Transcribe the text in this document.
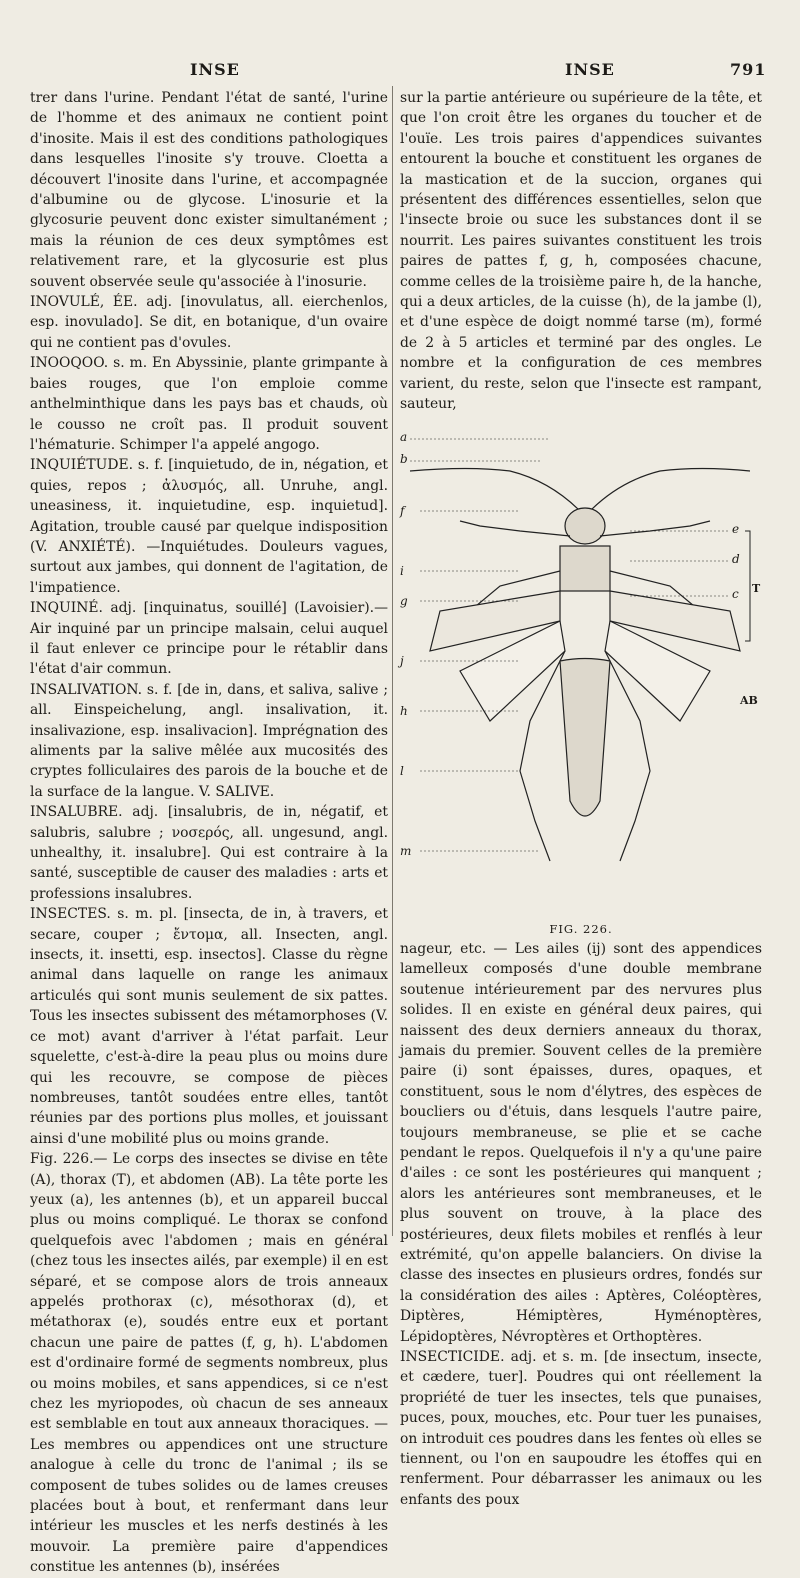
INSE	INSE	791

trer dans l'urine. Pendant l'état de santé, l'urine de l'homme et des animaux ne contient point d'inosite. Mais il est des conditions pathologiques dans lesquelles l'inosite s'y trouve. Cloetta a découvert l'inosite dans l'urine, et accompagnée d'albumine ou de glycose. L'inosurie et la glycosurie peuvent donc exister simultanément ; mais la réunion de ces deux symptômes est relativement rare, et la glycosurie est plus souvent observée seule qu'associée à l'inosurie.

INOVULÉ, ÉE. adj. [inovulatus, all. eierchenlos, esp. inovulado]. Se dit, en botanique, d'un ovaire qui ne contient pas d'ovules.

INOOQOO. s. m. En Abyssinie, plante grimpante à baies rouges, que l'on emploie comme anthelminthique dans les pays bas et chauds, où le cousso ne croît pas. Il produit souvent l'hématurie. Schimper l'a appelé angogo.

INQUIÉTUDE. s. f. [inquietudo, de in, négation, et quies, repos ; ἀλυσμός, all. Unruhe, angl. uneasiness, it. inquietudine, esp. inquietud]. Agitation, trouble causé par quelque indisposition (V. ANXIÉTÉ). —Inquiétudes. Douleurs vagues, surtout aux jambes, qui donnent de l'agitation, de l'impatience.

INQUINÉ. adj. [inquinatus, souillé] (Lavoisier).— Air inquiné par un principe malsain, celui auquel il faut enlever ce principe pour le rétablir dans l'état d'air commun.

INSALIVATION. s. f. [de in, dans, et saliva, salive ; all. Einspeichelung, angl. insalivation, it. insalivazione, esp. insalivacion]. Imprégnation des aliments par la salive mêlée aux mucosités des cryptes folliculaires des parois de la bouche et de la surface de la langue. V. SALIVE.

INSALUBRE. adj. [insalubris, de in, négatif, et salubris, salubre ; νοσερός, all. ungesund, angl. unhealthy, it. insalubre]. Qui est contraire à la santé, susceptible de causer des maladies : arts et professions insalubres.

INSECTES. s. m. pl. [insecta, de in, à travers, et secare, couper ; ἔντομα, all. Insecten, angl. insects, it. insetti, esp. insectos]. Classe du règne animal dans laquelle on range les animaux articulés qui sont munis seulement de six pattes. Tous les insectes subissent des métamorphoses (V. ce mot) avant d'arriver à l'état parfait. Leur squelette, c'est-à-dire la peau plus ou moins dure qui les recouvre, se compose de pièces nombreuses, tantôt soudées entre elles, tantôt réunies par des portions plus molles, et jouissant ainsi d'une mobilité plus ou moins grande.

Fig. 226.— Le corps des insectes se divise en tête (A), thorax (T), et abdomen (AB). La tête porte les yeux (a), les antennes (b), et un appareil buccal plus ou moins compliqué. Le thorax se confond quelquefois avec l'abdomen ; mais en général (chez tous les insectes ailés, par exemple) il en est séparé, et se compose alors de trois anneaux appelés prothorax (c), mésothorax (d), et métathorax (e), soudés entre eux et portant chacun une paire de pattes (f, g, h). L'abdomen est d'ordinaire formé de segments nombreux, plus ou moins mobiles, et sans appendices, si ce n'est chez les myriopodes, où chacun de ses anneaux est semblable en tout aux anneaux thoraciques. — Les membres ou appendices ont une structure analogue à celle du tronc de l'animal ; ils se composent de tubes solides ou de lames creuses placées bout à bout, et renfermant dans leur intérieur les muscles et les nerfs destinés à les mouvoir. La première paire d'appendices constitue les antennes (b), insérées

sur la partie antérieure ou supérieure de la tête, et que l'on croit être les organes du toucher et de l'ouïe. Les trois paires d'appendices suivantes entourent la bouche et constituent les organes de la mastication et de la succion, organes qui présentent des différences essentielles, selon que l'insecte broie ou suce les substances dont il se nourrit. Les paires suivantes constituent les trois paires de pattes f, g, h, composées chacune, comme celles de la troisième paire h, de la hanche, qui a deux articles, de la cuisse (h), de la jambe (l), et d'une espèce de doigt nommé tarse (m), formé de 2 à 5 articles et terminé par des ongles. Le nombre et la configuration de ces membres varient, du reste, selon que l'insecte est rampant, sauteur,

a
b
f
i
g
j
h
l
m
e
d
c T
AB
FIG. 226.

nageur, etc. — Les ailes (ij) sont des appendices lamelleux composés d'une double membrane soutenue intérieurement par des nervures plus solides. Il en existe en général deux paires, qui naissent des deux derniers anneaux du thorax, jamais du premier. Souvent celles de la première paire (i) sont épaisses, dures, opaques, et constituent, sous le nom d'élytres, des espèces de boucliers ou d'étuis, dans lesquels l'autre paire, toujours membraneuse, se plie et se cache pendant le repos. Quelquefois il n'y a qu'une paire d'ailes : ce sont les postérieures qui manquent ; alors les antérieures sont membraneuses, et le plus souvent on trouve, à la place des postérieures, deux filets mobiles et renflés à leur extrémité, qu'on appelle balanciers. On divise la classe des insectes en plusieurs ordres, fondés sur la considération des ailes : Aptères, Coléoptères, Diptères, Hémiptères, Hyménoptères, Lépidoptères, Névroptères et Orthoptères.

INSECTICIDE. adj. et s. m. [de insectum, insecte, et cædere, tuer]. Poudres qui ont réellement la propriété de tuer les insectes, tels que punaises, puces, poux, mouches, etc. Pour tuer les punaises, on introduit ces poudres dans les fentes où elles se tiennent, ou l'on en saupoudre les étoffes qui en renferment. Pour débarrasser les animaux ou les enfants des poux
